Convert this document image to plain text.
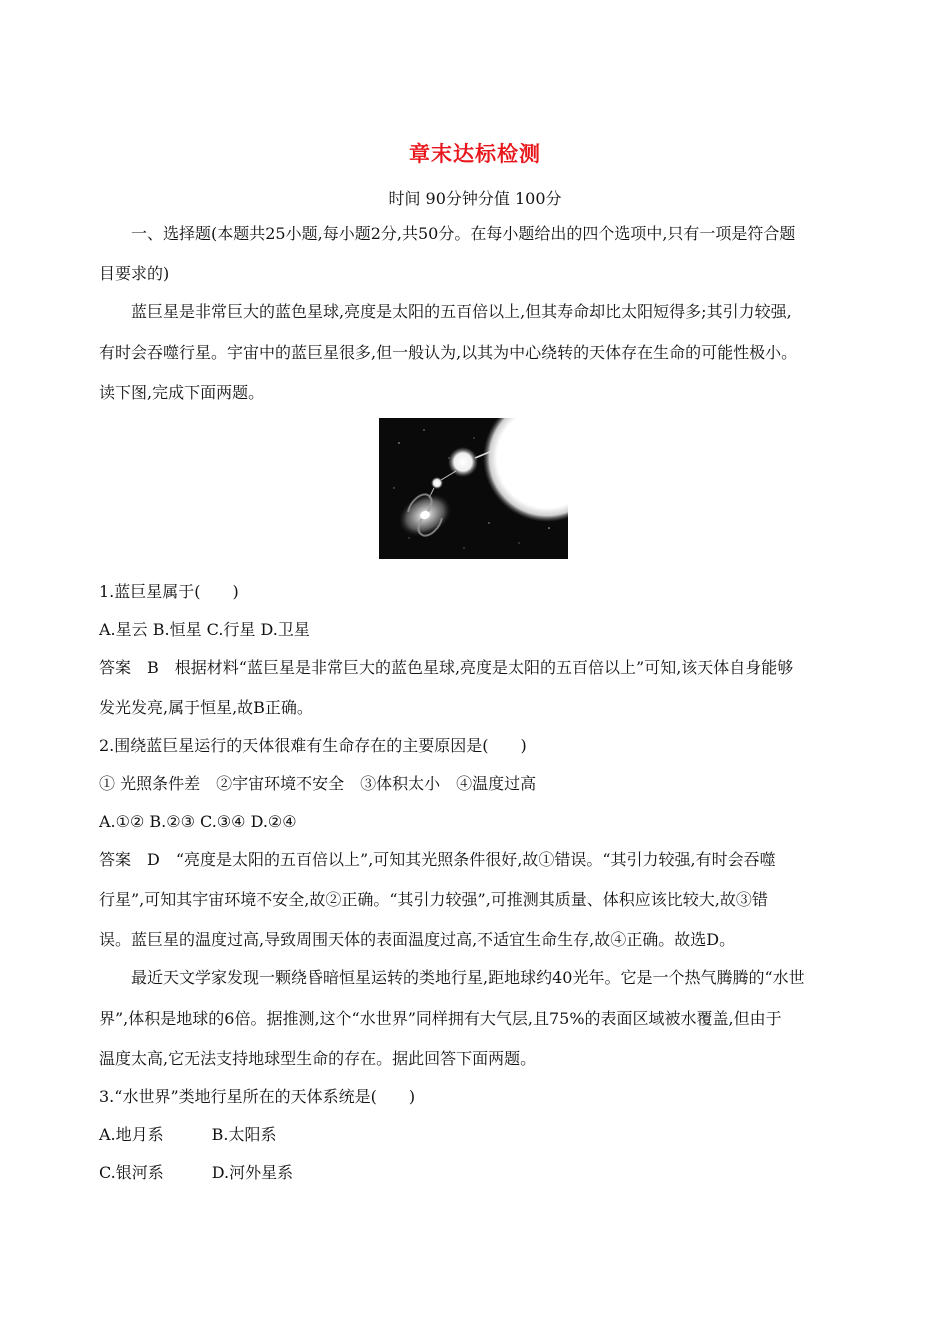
章末达标检测
时间 90分钟分值 100分
一、选择题(本题共25小题,每小题2分,共50分。在每小题给出的四个选项中,只有一项是符合题
目要求的)
蓝巨星是非常巨大的蓝色星球,亮度是太阳的五百倍以上,但其寿命却比太阳短得多;其引力较强,
有时会吞噬行星。宇宙中的蓝巨星很多,但一般认为,以其为中心绕转的天体存在生命的可能性极小。
读下图,完成下面两题。
1.蓝巨星属于(　　)
A.星云 B.恒星 C.行星 D.卫星
答案　B　根据材料“蓝巨星是非常巨大的蓝色星球,亮度是太阳的五百倍以上”可知,该天体自身能够
发光发亮,属于恒星,故B正确。
2.围绕蓝巨星运行的天体很难有生命存在的主要原因是(　　)
① 光照条件差　②宇宙环境不安全　③体积太小　④温度过高
A.①② B.②③ C.③④ D.②④
答案　D　“亮度是太阳的五百倍以上”,可知其光照条件很好,故①错误。“其引力较强,有时会吞噬
行星”,可知其宇宙环境不安全,故②正确。“其引力较强”,可推测其质量、体积应该比较大,故③错
误。蓝巨星的温度过高,导致周围天体的表面温度过高,不适宜生命生存,故④正确。故选D。
最近天文学家发现一颗绕昏暗恒星运转的类地行星,距地球约40光年。它是一个热气腾腾的“水世
界”,体积是地球的6倍。据推测,这个“水世界”同样拥有大气层,且75%的表面区域被水覆盖,但由于
温度太高,它无法支持地球型生命的存在。据此回答下面两题。
3.“水世界”类地行星所在的天体系统是(　　)
A.地月系	B.太阳系
C.银河系	D.河外星系
